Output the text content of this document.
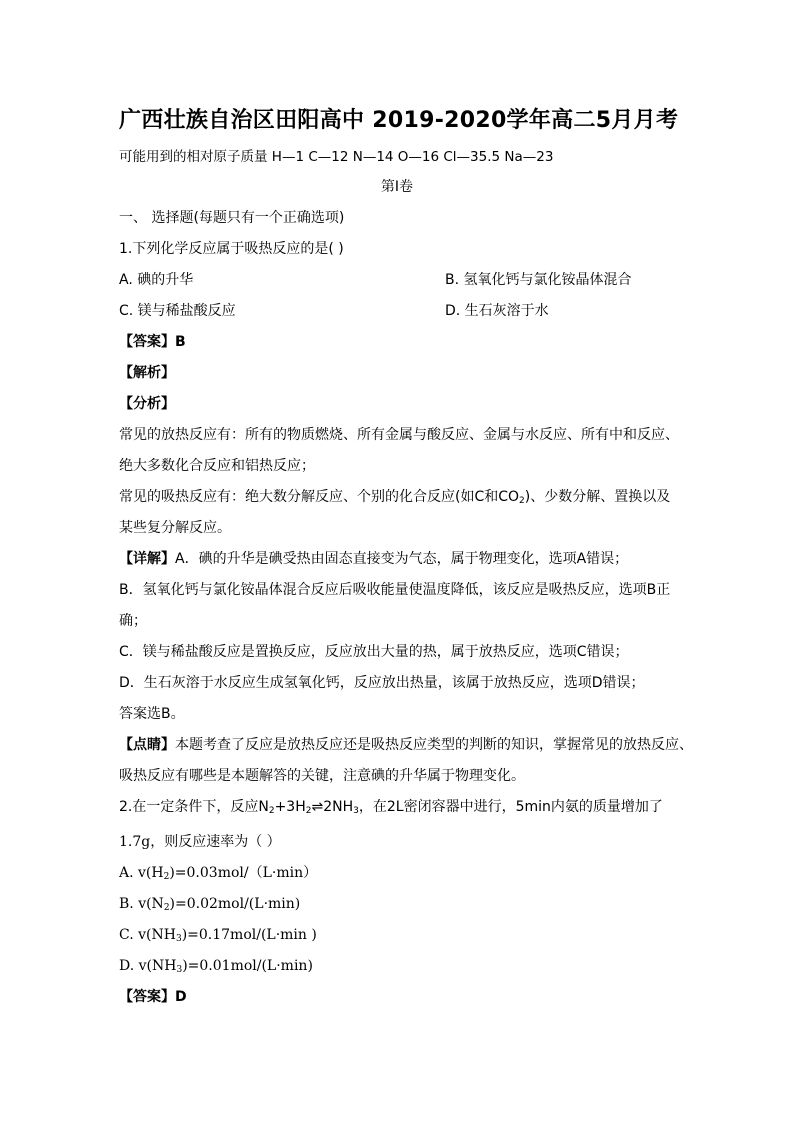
广西壮族自治区田阳高中 2019-2020学年高二5月月考
可能用到的相对原子质量 H—1 C—12 N—14 O—16 Cl—35.5 Na—23
第Ⅰ卷
一、 选择题(每题只有一个正确选项)
1.下列化学反应属于吸热反应的是( )
A. 碘的升华	B. 氢氧化钙与氯化铵晶体混合
C. 镁与稀盐酸反应	D. 生石灰溶于水
【答案】B
【解析】
【分析】
常见的放热反应有：所有的物质燃烧、所有金属与酸反应、金属与水反应、所有中和反应、
绝大多数化合反应和铝热反应；
常见的吸热反应有：绝大数分解反应、个别的化合反应(如C和$CO_2$)、少数分解、置换以及
某些复分解反应。
【详解】A．碘的升华是碘受热由固态直接变为气态，属于物理变化，选项A错误；
B．氢氧化钙与氯化铵晶体混合反应后吸收能量使温度降低，该反应是吸热反应，选项B正
确；
C．镁与稀盐酸反应是置换反应，反应放出大量的热，属于放热反应，选项C错误；
D．生石灰溶于水反应生成氢氧化钙，反应放出热量，该属于放热反应，选项D错误；
答案选B。
【点睛】本题考查了反应是放热反应还是吸热反应类型的判断的知识，掌握常见的放热反应、
吸热反应有哪些是本题解答的关键，注意碘的升华属于物理变化。
2.在一定条件下，反应$N_2+3H_2\rightleftharpoons 2NH_3$，在2L密闭容器中进行，5min内氨的质量增加了
1.7g，则反应速率为（ ）
A. $v(H_2)=0.03mol/(L\cdot\min)$
B. $v(N_2)=0.02mol/(L\cdot\min)$
C. $v(NH_3)=0.17mol/(L\cdot\min$ )
D. $v(NH_3)=0.01mol/(L\cdot\min)$
【答案】D
